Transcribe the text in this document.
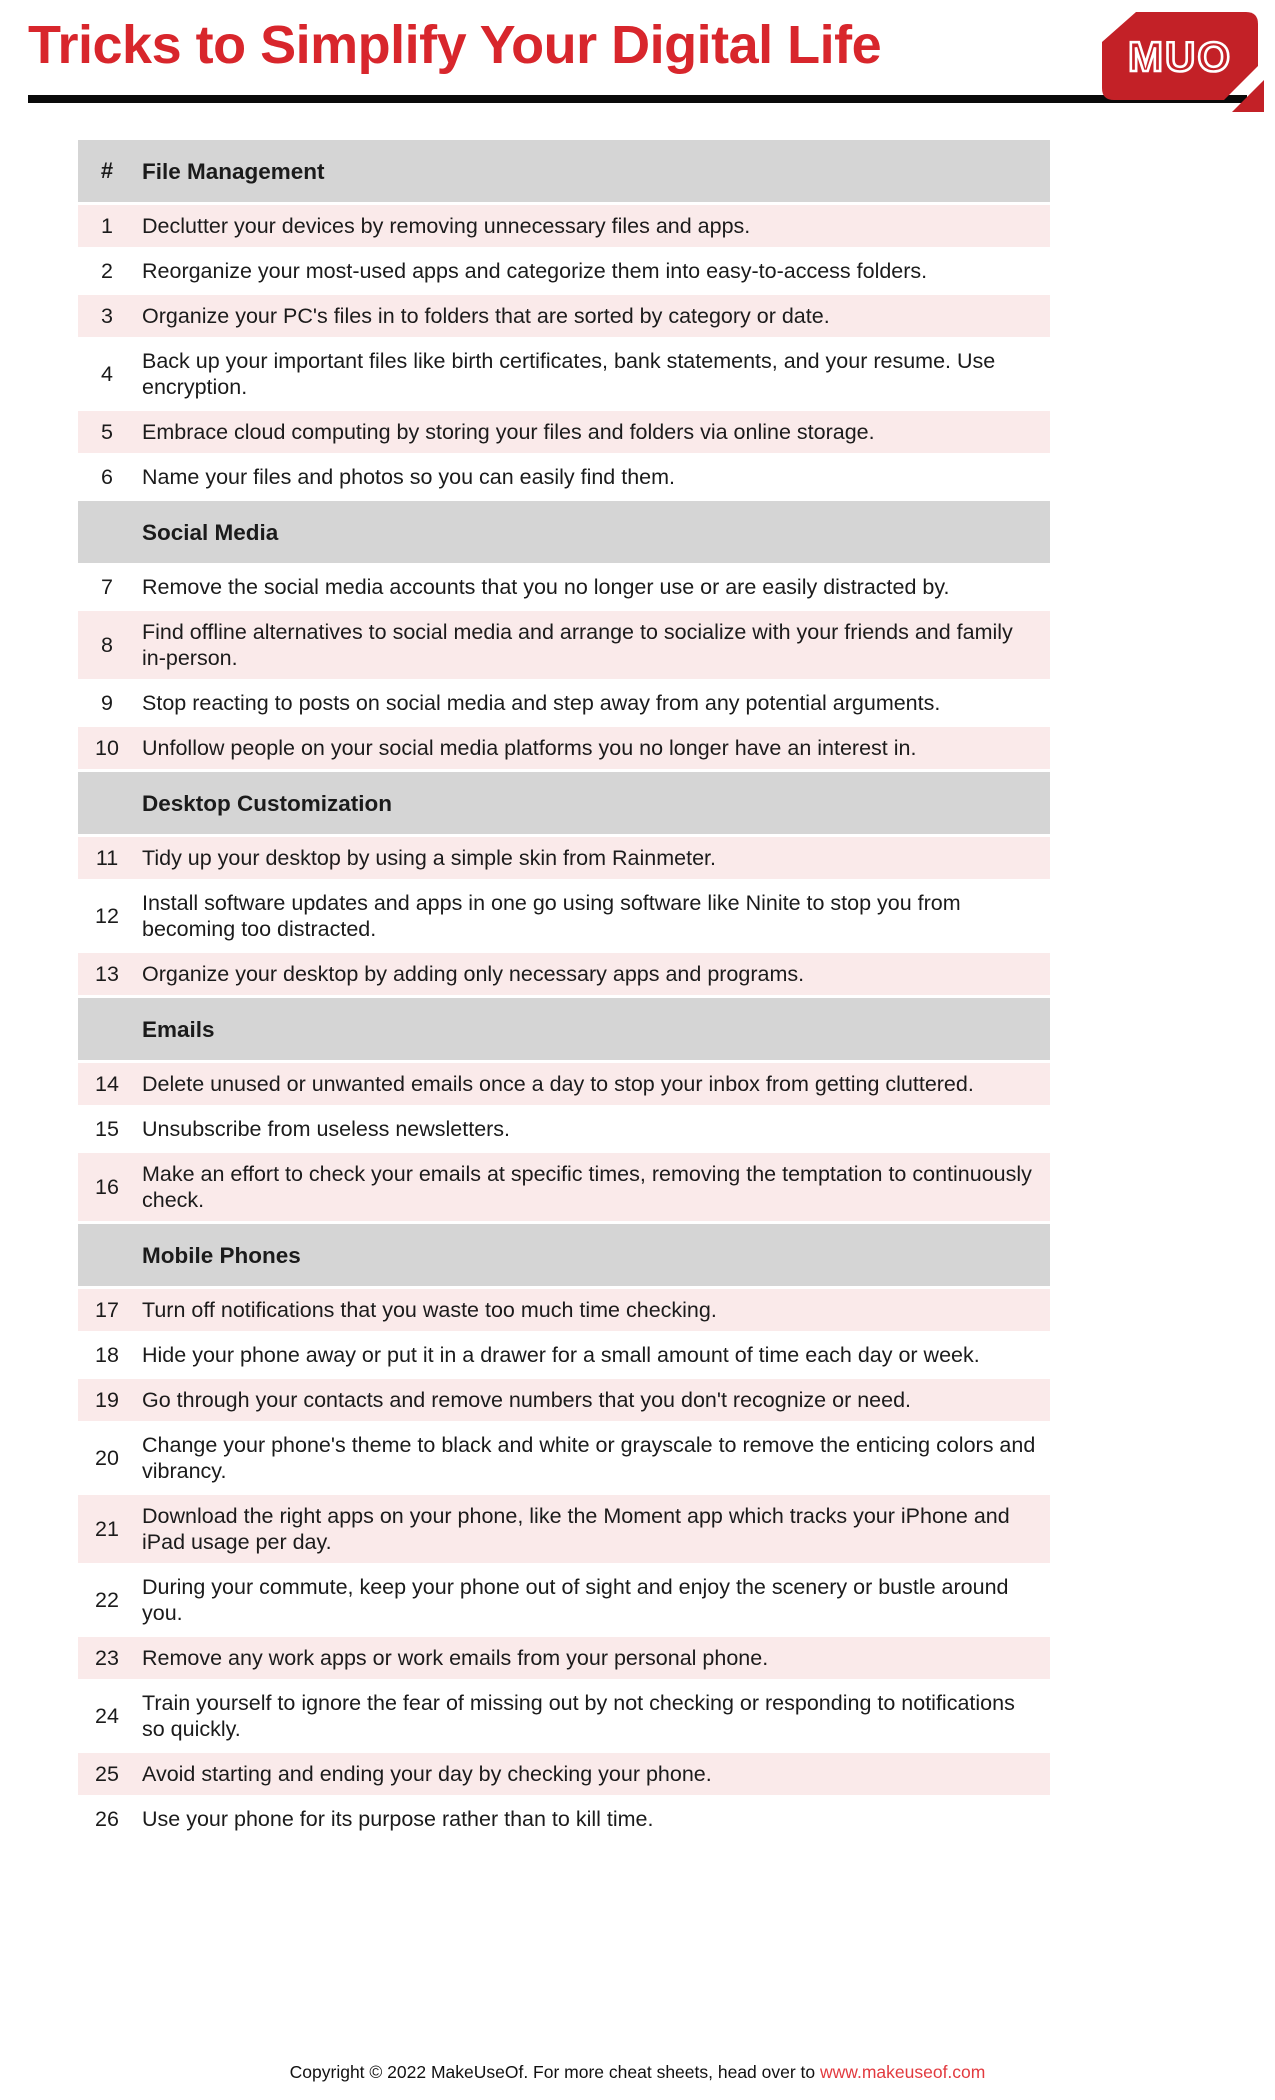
Tricks to Simplify Your Digital Life	MUO
#	File Management
1	Declutter your devices by removing unnecessary files and apps.
2	Reorganize your most-used apps and categorize them into easy-to-access folders.
3	Organize your PC's files in to folders that are sorted by category or date.
4	Back up your important files like birth certificates, bank statements, and your resume. Use encryption.
5	Embrace cloud computing by storing your files and folders via online storage.
6	Name your files and photos so you can easily find them.
	Social Media
7	Remove the social media accounts that you no longer use or are easily distracted by.
8	Find offline alternatives to social media and arrange to socialize with your friends and family in-person.
9	Stop reacting to posts on social media and step away from any potential arguments.
10	Unfollow people on your social media platforms you no longer have an interest in.
	Desktop Customization
11	Tidy up your desktop by using a simple skin from Rainmeter.
12	Install software updates and apps in one go using software like Ninite to stop you from becoming too distracted.
13	Organize your desktop by adding only necessary apps and programs.
	Emails
14	Delete unused or unwanted emails once a day to stop your inbox from getting cluttered.
15	Unsubscribe from useless newsletters.
16	Make an effort to check your emails at specific times, removing the temptation to continuously check.
	Mobile Phones
17	Turn off notifications that you waste too much time checking.
18	Hide your phone away or put it in a drawer for a small amount of time each day or week.
19	Go through your contacts and remove numbers that you don't recognize or need.
20	Change your phone's theme to black and white or grayscale to remove the enticing colors and vibrancy.
21	Download the right apps on your phone, like the Moment app which tracks your iPhone and iPad usage per day.
22	During your commute, keep your phone out of sight and enjoy the scenery or bustle around you.
23	Remove any work apps or work emails from your personal phone.
24	Train yourself to ignore the fear of missing out by not checking or responding to notifications so quickly.
25	Avoid starting and ending your day by checking your phone.
26	Use your phone for its purpose rather than to kill time.
Copyright © 2022 MakeUseOf. For more cheat sheets, head over to www.makeuseof.com
